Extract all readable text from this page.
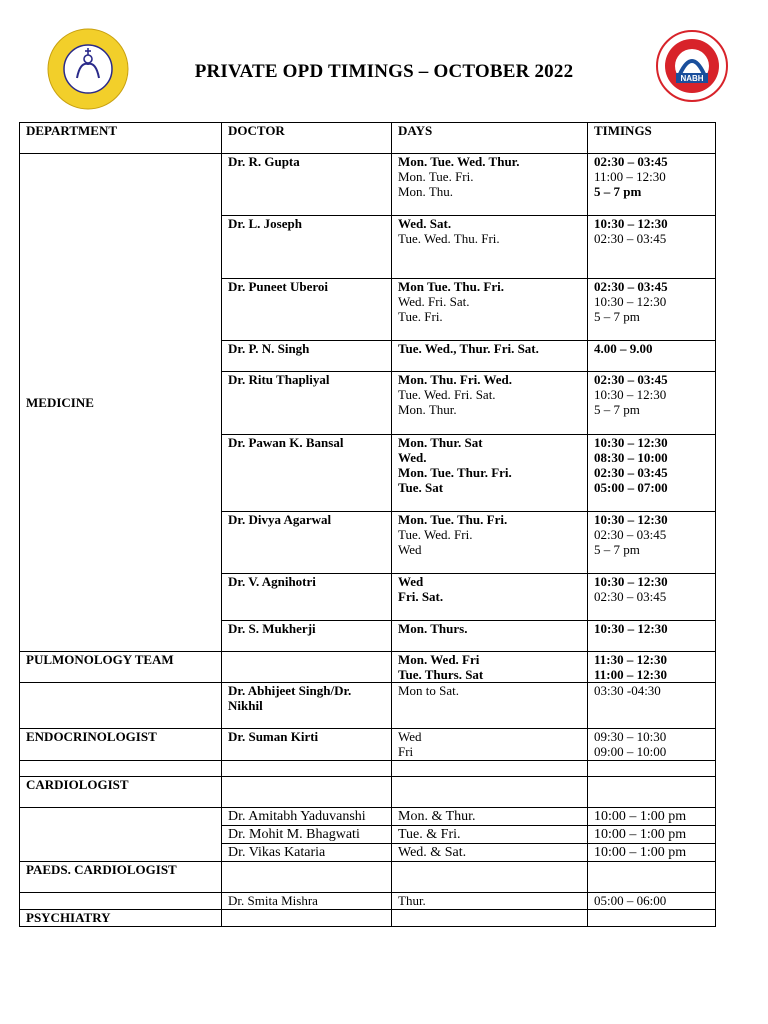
NABH
PRIVATE OPD TIMINGS – OCTOBER 2022
DEPARTMENT	DOCTOR	DAYS	TIMINGS
MEDICINE	Dr. R. Gupta	Mon. Tue. Wed. Thur.
Mon. Tue. Fri.
Mon. Thu.	02:30 – 03:45
11:00 – 12:30
5 – 7 pm

	Dr. L. Joseph	Wed. Sat.
Tue. Wed. Thu. Fri.	10:30 – 12:30
02:30 – 03:45

	Dr. Puneet Uberoi	Mon Tue. Thu. Fri.
Wed. Fri. Sat.
Tue. Fri.	02:30 – 03:45
10:30 – 12:30
5 – 7 pm

	Dr. P. N. Singh	Tue. Wed., Thur. Fri. Sat.	4.00 – 9.00

	Dr. Ritu Thapliyal	Mon. Thu. Fri. Wed.
Tue. Wed. Fri. Sat.
Mon. Thur.	02:30 – 03:45
10:30 – 12:30
5 – 7 pm

	Dr. Pawan K. Bansal	Mon. Thur. Sat
Wed.
Mon. Tue. Thur. Fri.
Tue. Sat	10:30 – 12:30
08:30 – 10:00
02:30 – 03:45
05:00 – 07:00

	Dr. Divya Agarwal	Mon. Tue. Thu. Fri.
Tue. Wed. Fri.
Wed	10:30 – 12:30
02:30 – 03:45
5 – 7 pm

	Dr. V. Agnihotri	Wed
Fri. Sat.	10:30 – 12:30
02:30 – 03:45

	Dr. S. Mukherji	Mon. Thurs.	10:30 – 12:30

PULMONOLOGY TEAM		Mon. Wed. Fri
Tue. Thurs. Sat	11:30 – 12:30
11:00 – 12:30

	Dr. Abhijeet Singh/Dr. Nikhil	Mon to Sat.	03:30 -04:30

ENDOCRINOLOGIST	Dr. Suman Kirti	Wed
Fri	09:30 – 10:30
09:00 – 10:00

CARDIOLOGIST			
	Dr. Amitabh Yaduvanshi	Mon. & Thur.	10:00 – 1:00 pm
	Dr. Mohit M. Bhagwati	Tue. & Fri.	10:00 – 1:00 pm
	Dr. Vikas Kataria	Wed. & Sat.	10:00 – 1:00 pm
PAEDS. CARDIOLOGIST			
	Dr. Smita Mishra	Thur.	05:00 – 06:00
PSYCHIATRY			
